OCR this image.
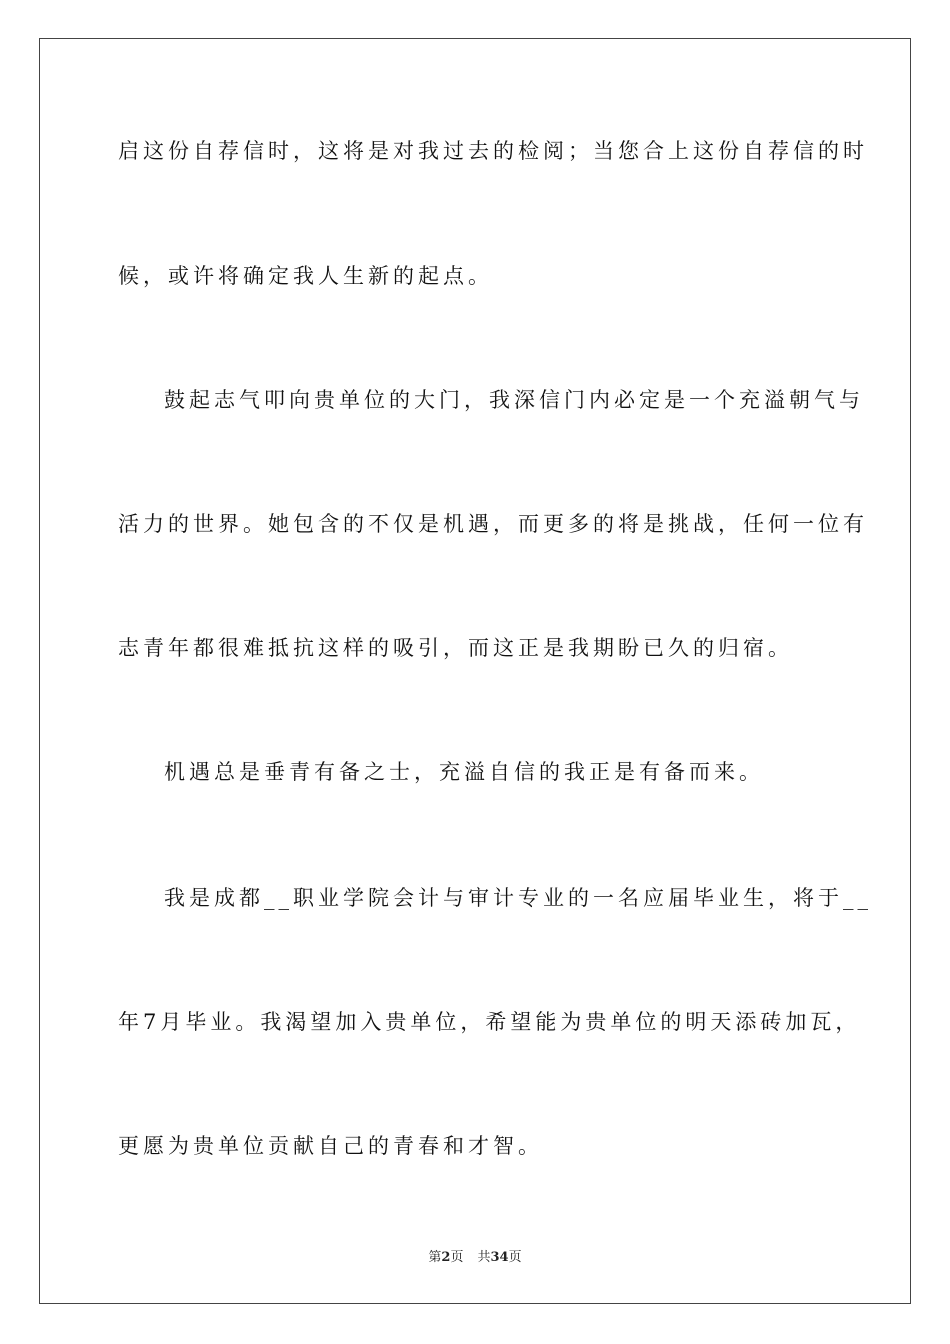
启这份自荐信时，这将是对我过去的检阅；当您合上这份自荐信的时
候，或许将确定我人生新的起点。
鼓起志气叩向贵单位的大门，我深信门内必定是一个充溢朝气与
活力的世界。她包含的不仅是机遇，而更多的将是挑战，任何一位有
志青年都很难抵抗这样的吸引，而这正是我期盼已久的归宿。
机遇总是垂青有备之士，充溢自信的我正是有备而来。
我是成都__职业学院会计与审计专业的一名应届毕业生，将于__
年7月毕业。我渴望加入贵单位，希望能为贵单位的明天添砖加瓦，
更愿为贵单位贡献自己的青春和才智。
第2页 共34页
